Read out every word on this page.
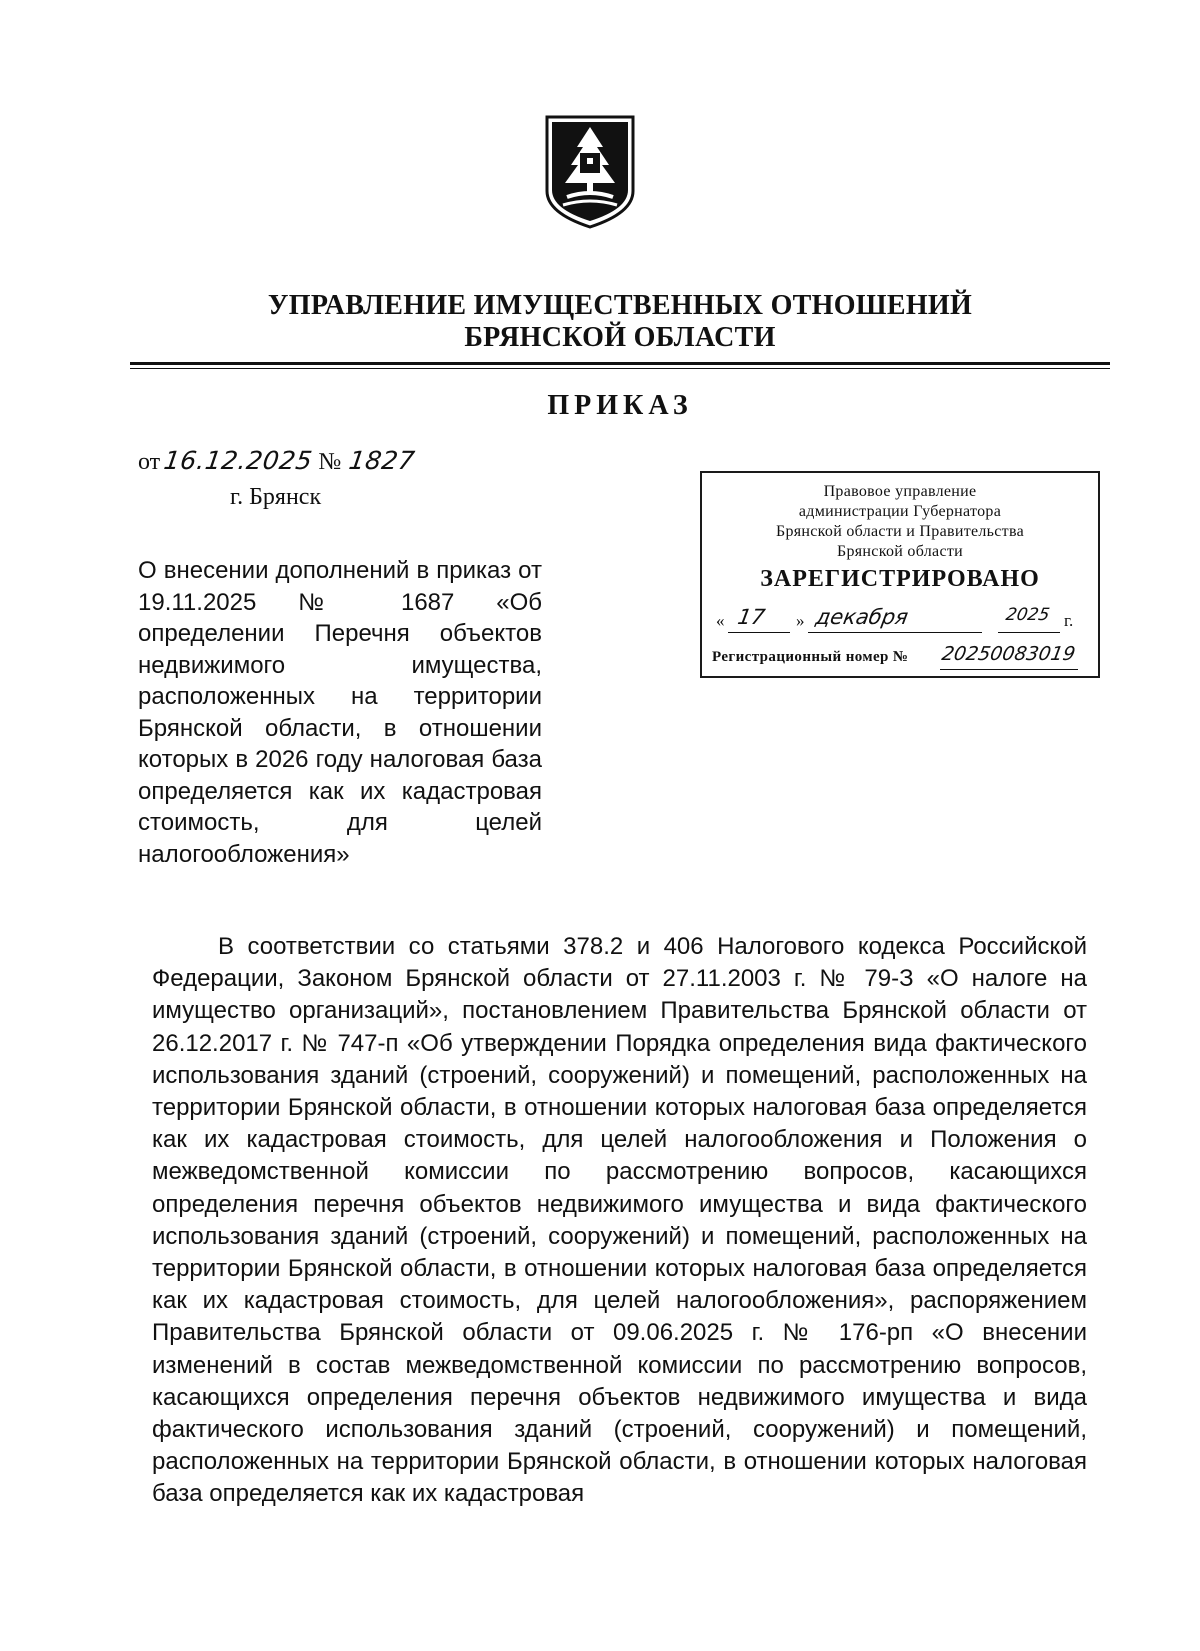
УПРАВЛЕНИЕ ИМУЩЕСТВЕННЫХ ОТНОШЕНИЙ
БРЯНСКОЙ ОБЛАСТИ
ПРИКАЗ
от16.12.2025 № 1827
г. Брянск
О внесении дополнений в приказ от 19.11.2025 № 1687 «Об определении Перечня объектов недвижимого имущества, расположенных на территории Брянской области, в отношении которых в 2026 году налоговая база определяется как их кадастровая стоимость, для целей налогообложения»
Правовое управление
администрации Губернатора
Брянской области и Правительства
Брянской области
ЗАРЕГИСТРИРОВАНО
« 17 » декабря	2025 г.
Регистрационный номер № 20250083019
В соответствии со статьями 378.2 и 406 Налогового кодекса Российской Федерации, Законом Брянской области от 27.11.2003 г. № 79-З «О налоге на имущество организаций», постановлением Правительства Брянской области от 26.12.2017 г. № 747-п «Об утверждении Порядка определения вида фактического использования зданий (строений, сооружений) и помещений, расположенных на территории Брянской области, в отношении которых налоговая база определяется как их кадастровая стоимость, для целей налогообложения и Положения о межведомственной комиссии по рассмотрению вопросов, касающихся определения перечня объектов недвижимого имущества и вида фактического использования зданий (строений, сооружений) и помещений, расположенных на территории Брянской области, в отношении которых налоговая база определяется как их кадастровая стоимость, для целей налогообложения», распоряжением Правительства Брянской области от 09.06.2025 г. № 176-рп «О внесении изменений в состав межведомственной комиссии по рассмотрению вопросов, касающихся определения перечня объектов недвижимого имущества и вида фактического использования зданий (строений, сооружений) и помещений, расположенных на территории Брянской области, в отношении которых налоговая база определяется как их кадастровая
